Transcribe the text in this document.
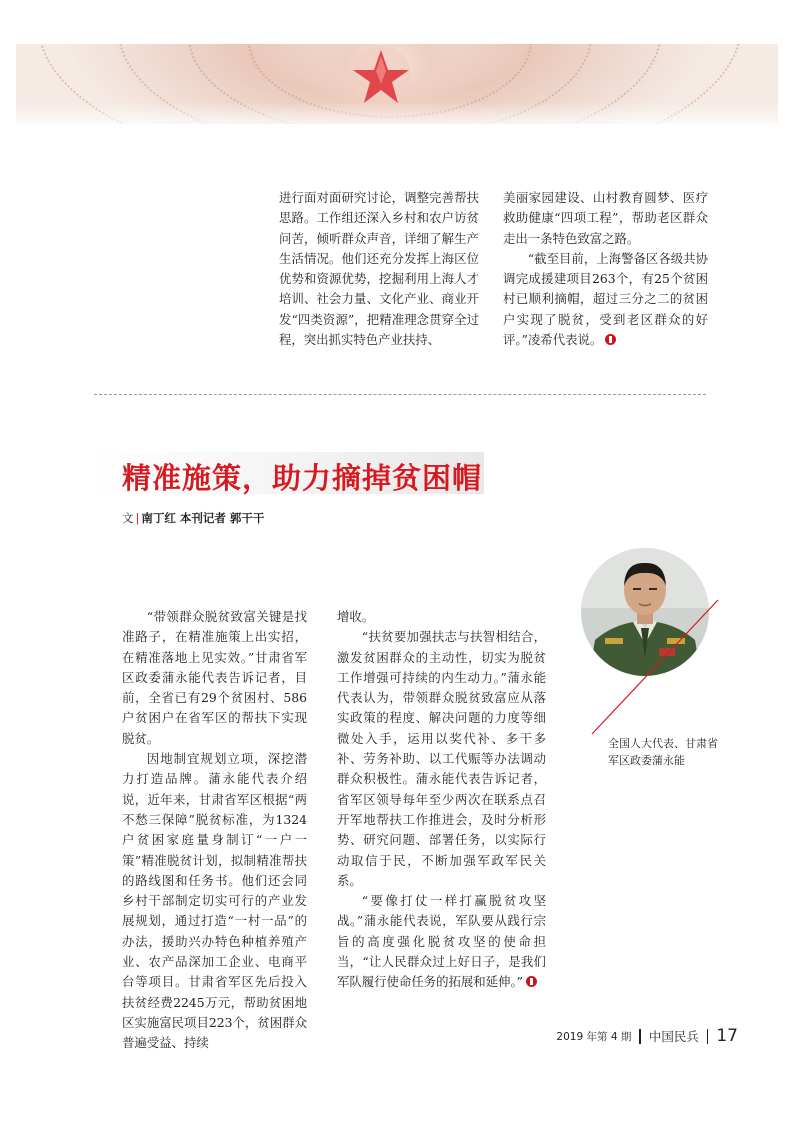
进行面对面研究讨论，调整完善帮扶思路。工作组还深入乡村和农户访贫问苦，倾听群众声音，详细了解生产生活情况。他们还充分发挥上海区位优势和资源优势，挖掘利用上海人才培训、社会力量、文化产业、商业开发“四类资源”，把精准理念贯穿全过程，突出抓实特色产业扶持、

美丽家园建设、山村教育圆梦、医疗救助健康“四项工程”，帮助老区群众走出一条特色致富之路。

“截至目前，上海警备区各级共协调完成援建项目263个，有25个贫困村已顺利摘帽，超过三分之二的贫困户实现了脱贫，受到老区群众的好评。”凌希代表说。

精准施策，助力摘掉贫困帽
文 | 南丁红 本刊记者 郭干干

“带领群众脱贫致富关键是找准路子，在精准施策上出实招，在精准落地上见实效。”甘肃省军区政委蒲永能代表告诉记者，目前，全省已有29个贫困村、586户贫困户在省军区的帮扶下实现脱贫。

因地制宜规划立项，深挖潜力打造品牌。蒲永能代表介绍说，近年来，甘肃省军区根据“两不愁三保障”脱贫标准，为1324户贫困家庭量身制订“一户一策”精准脱贫计划，拟制精准帮扶的路线图和任务书。他们还会同乡村干部制定切实可行的产业发展规划，通过打造“一村一品”的办法，援助兴办特色种植养殖产业、农产品深加工企业、电商平台等项目。甘肃省军区先后投入扶贫经费2245万元，帮助贫困地区实施富民项目223个，贫困群众普遍受益、持续

增收。

“扶贫要加强扶志与扶智相结合，激发贫困群众的主动性，切实为脱贫工作增强可持续的内生动力。”蒲永能代表认为，带领群众脱贫致富应从落实政策的程度、解决问题的力度等细微处入手，运用以奖代补、多干多补、劳务补助、以工代赈等办法调动群众积极性。蒲永能代表告诉记者，省军区领导每年至少两次在联系点召开军地帮扶工作推进会，及时分析形势、研究问题、部署任务，以实际行动取信于民，不断加强军政军民关系。

“要像打仗一样打赢脱贫攻坚战。”蒲永能代表说，军队要从践行宗旨的高度强化脱贫攻坚的使命担当，“让人民群众过上好日子，是我们军队履行使命任务的拓展和延伸。”

全国人大代表、甘肃省军区政委蒲永能
2019 年第 4 期 中国民兵 17
